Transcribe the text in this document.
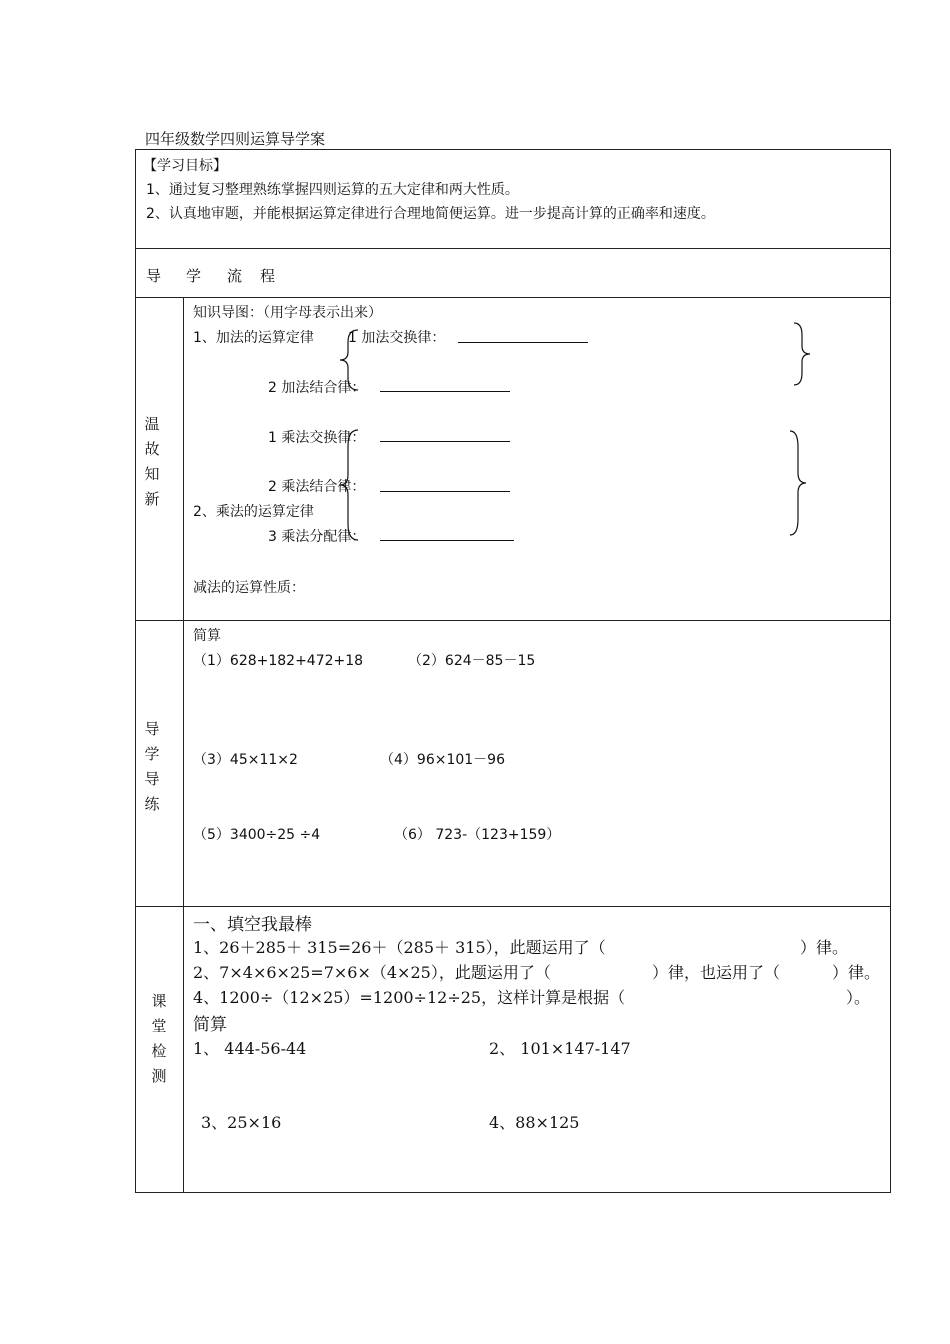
四年级数学四则运算导学案
【学习目标】
1、通过复习整理熟练掌握四则运算的五大定律和两大性质。
2、认真地审题，并能根据运算定律进行合理地简便运算。进一步提高计算的正确率和速度。
导 学 流 程
温
故
知
新
知识导图：（用字母表示出来）
1、加法的运算定律 1 加法交换律：
2 加法结合律：
1 乘法交换律：
2 乘法结合律：
2、乘法的运算定律
3 乘法分配律：
减法的运算性质：
导
学
导
练
简算
（1）628+182+472+18	（2）624－85－15
（3）45×11×2	（4）96×101－96
（5）3400÷25 ÷4	（6） 723-（123+159）
课
堂
检
测
一、填空我最棒
1、26＋285＋ 315=26＋（285＋ 315），此题运用了（	）律。
2、7×4×6×25=7×6×（4×25），此题运用了（	）律，也运用了（	）律。
4、1200÷（12×25）=1200÷12÷25，这样计算是根据（	）。
简算
1、 444-56-44	2、 101×147-147
3、25×16	4、88×125
